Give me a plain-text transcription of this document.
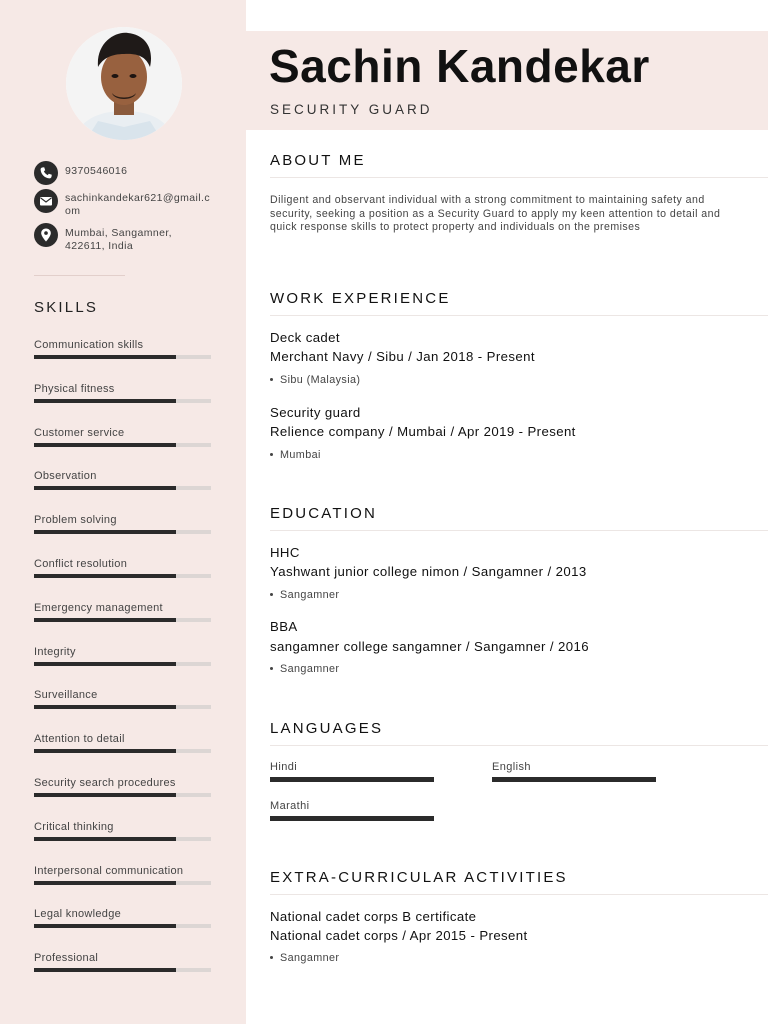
9370546016
sachinkandekar621@gmail.com
Mumbai, Sangamner, 422611, India
SKILLS
Communication skills
Physical fitness
Customer service
Observation
Problem solving
Conflict resolution
Emergency management
Integrity
Surveillance
Attention to detail
Security search procedures
Critical thinking
Interpersonal communication
Legal knowledge
Professional
Sachin Kandekar
SECURITY GUARD
ABOUT ME
Diligent and observant individual with a strong commitment to maintaining safety and security, seeking a position as a Security Guard to apply my keen attention to detail and quick response skills to protect property and individuals on the premises
WORK EXPERIENCE
Deck cadet
Merchant Navy / Sibu / Jan 2018 - Present
Sibu (Malaysia)
Security guard
Relience company / Mumbai / Apr 2019 - Present
Mumbai
EDUCATION
HHC
Yashwant junior college nimon / Sangamner / 2013
Sangamner
BBA
sangamner college sangamner / Sangamner / 2016
Sangamner
LANGUAGES
Hindi	English
Marathi
EXTRA-CURRICULAR ACTIVITIES
National cadet corps B certificate
National cadet corps / Apr 2015 - Present
Sangamner
